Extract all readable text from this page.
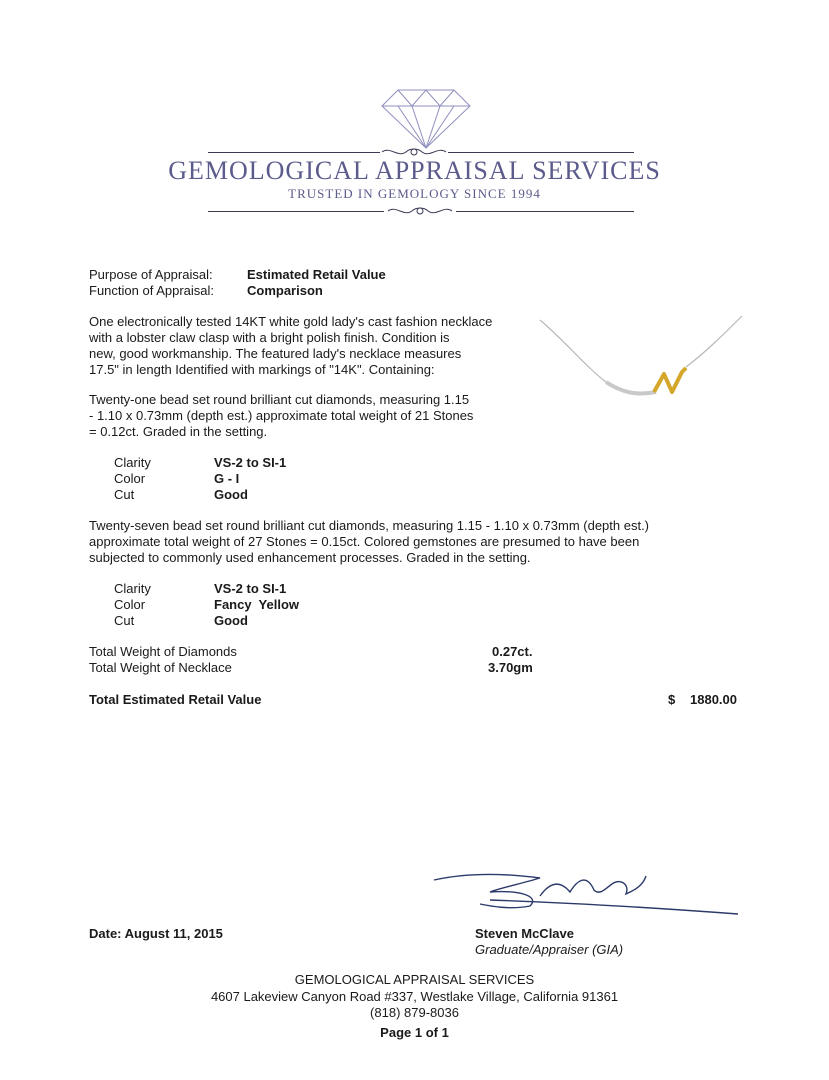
GEMOLOGICAL APPRAISAL SERVICES
TRUSTED IN GEMOLOGY SINCE 1994
Purpose of Appraisal:	Estimated Retail Value
Function of Appraisal:	Comparison
One electronically tested 14KT white gold lady's cast fashion necklace
with a lobster claw clasp with a bright polish finish. Condition is
new, good workmanship. The featured lady's necklace measures
17.5" in length Identified with markings of "14K". Containing:
Twenty-one bead set round brilliant cut diamonds, measuring 1.15
- 1.10 x 0.73mm (depth est.) approximate total weight of 21 Stones
= 0.12ct. Graded in the setting.
Clarity	VS-2 to SI-1
Color	G - I
Cut	Good
Twenty-seven bead set round brilliant cut diamonds, measuring 1.15 - 1.10 x 0.73mm (depth est.)
approximate total weight of 27 Stones = 0.15ct. Colored gemstones are presumed to have been
subjected to commonly used enhancement processes. Graded in the setting.
Clarity	VS-2 to SI-1
Color	Fancy  Yellow
Cut	Good
Total Weight of Diamonds	0.27ct.
Total Weight of Necklace	3.70gm
Total Estimated Retail Value	$ 1880.00
Date: August 11, 2015	Steven McClave
Graduate/Appraiser (GIA)
GEMOLOGICAL APPRAISAL SERVICES
4607 Lakeview Canyon Road #337, Westlake Village, California 91361
(818) 879-8036
Page 1 of 1
